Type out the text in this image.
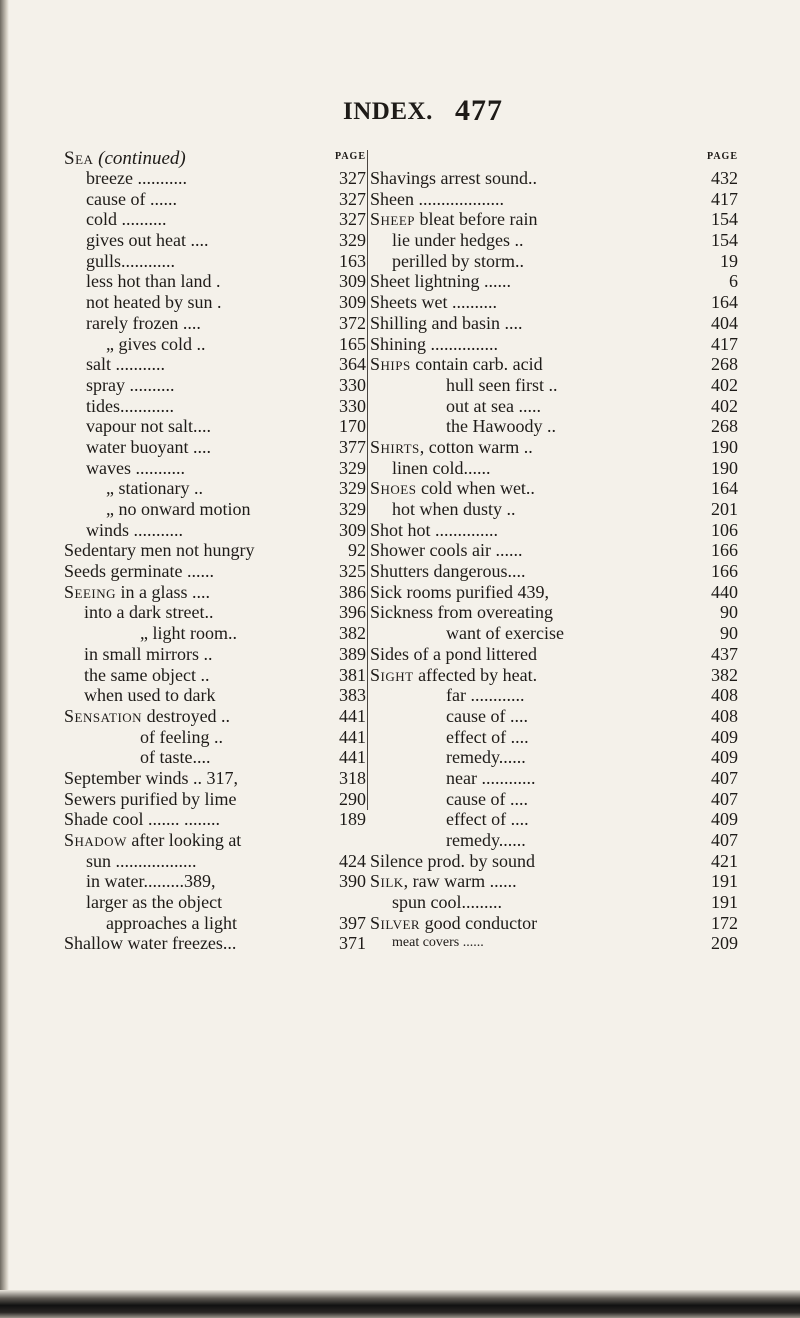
INDEX. 477
Sea (continued)	PAGE
breeze ...........	327
cause of ......	327
cold ..........	327
gives out heat ....	329
gulls............	163
less hot than land .	309
not heated by sun .	309
rarely frozen ....	372
„ gives cold ..	165
salt ...........	364
spray ..........	330
tides............	330
vapour not salt....	170
water buoyant ....	377
waves ...........	329
„ stationary ..	329
„ no onward motion	329
winds ...........	309
Sedentary men not hungry	92
Seeds germinate ......	325
Seeing in a glass ....	386
into a dark street..	396
„ light room..	382
in small mirrors ..	389
the same object ..	381
when used to dark	383
Sensation destroyed ..	441
of feeling ..	441
of taste....	441
September winds .. 317,	318
Sewers purified by lime	290
Shade cool ....... ........	189
Shadow after looking at
sun ..................	424
in water.........389,	390
larger as the object
approaches a light	397
Shallow water freezes...	371
PAGE
Shavings arrest sound..	432
Sheen ...................	417
Sheep bleat before rain	154
lie under hedges ..	154
perilled by storm..	19
Sheet lightning ......	6
Sheets wet ..........	164
Shilling and basin ....	404
Shining ...............	417
Ships contain carb. acid	268
hull seen first ..	402
out at sea .....	402
the Hawoody ..	268
Shirts, cotton warm ..	190
linen cold......	190
Shoes cold when wet..	164
hot when dusty ..	201
Shot hot ..............	106
Shower cools air ......	166
Shutters dangerous....	166
Sick rooms purified 439,	440
Sickness from overeating	90
want of exercise	90
Sides of a pond littered	437
Sight affected by heat.	382
far ............	408
cause of ....	408
effect of ....	409
remedy......	409
near ............	407
cause of ....	407
effect of ....	409
remedy......	407
Silence prod. by sound	421
Silk, raw warm ......	191
spun cool.........	191
Silver good conductor	172
meat covers ......	209
